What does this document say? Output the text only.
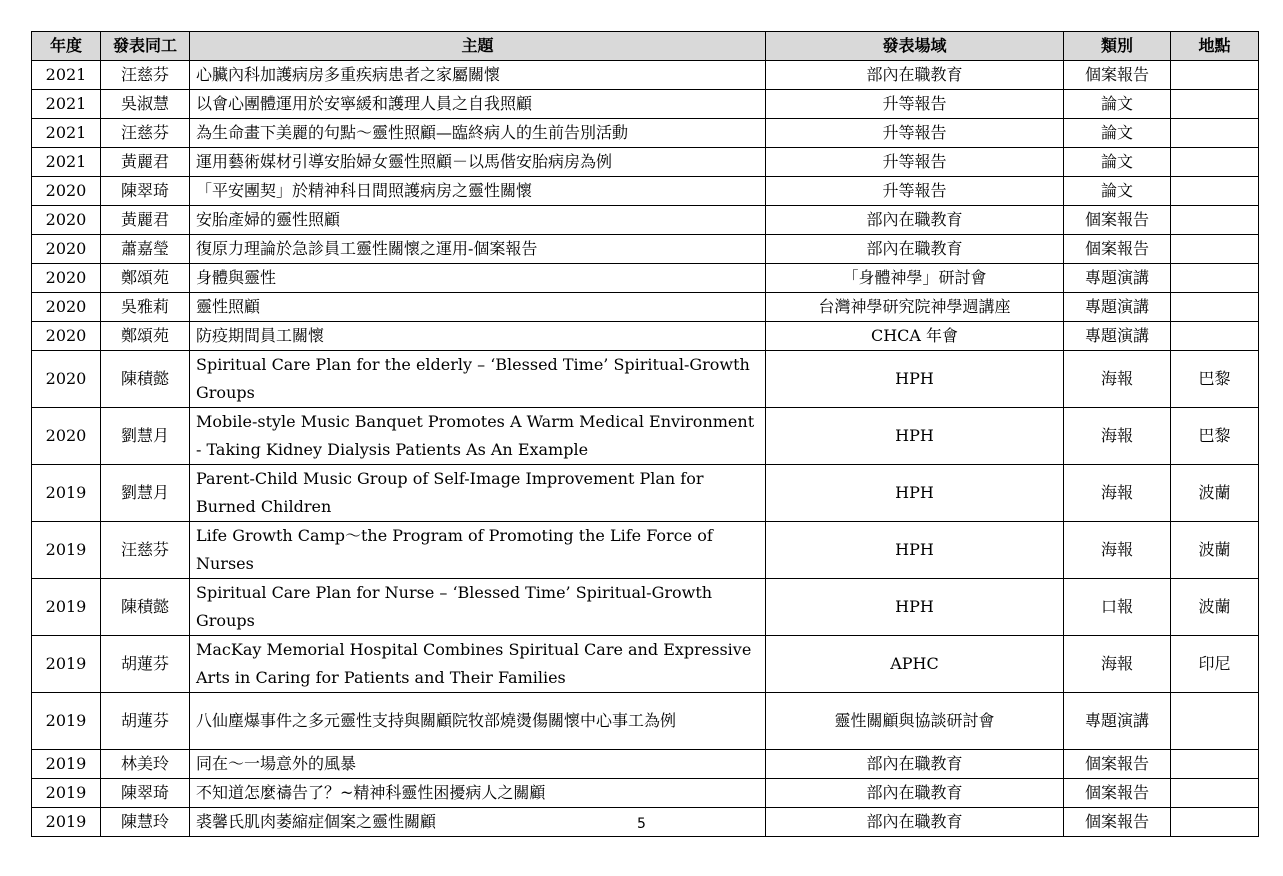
年度	發表同工	主題	發表場域	類別	地點
2021	汪慈芬	心臟內科加護病房多重疾病患者之家屬關懷	部內在職教育	個案報告	
2021	吳淑慧	以會心團體運用於安寧緩和護理人員之自我照顧	升等報告	論文	
2021	汪慈芬	為生命畫下美麗的句點～靈性照顧—臨終病人的生前告別活動	升等報告	論文	
2021	黃麗君	運用藝術媒材引導安胎婦女靈性照顧－以馬偕安胎病房為例	升等報告	論文	
2020	陳翠琦	「平安團契」於精神科日間照護病房之靈性關懷	升等報告	論文	
2020	黃麗君	安胎產婦的靈性照顧	部內在職教育	個案報告	
2020	蕭嘉瑩	復原力理論於急診員工靈性關懷之運用-個案報告	部內在職教育	個案報告	
2020	鄭頌苑	身體與靈性	「身體神學」研討會	專題演講	
2020	吳雅莉	靈性照顧	台灣神學研究院神學週講座	專題演講	
2020	鄭頌苑	防疫期間員工關懷	CHCA 年會	專題演講	
2020	陳積懿	Spiritual Care Plan for the elderly – ‘Blessed Time’ Spiritual-Growth Groups	HPH	海報	巴黎
2020	劉慧月	Mobile-style Music Banquet Promotes A Warm Medical Environment - Taking Kidney Dialysis Patients As An Example	HPH	海報	巴黎
2019	劉慧月	Parent-Child Music Group of Self-Image Improvement Plan for Burned Children	HPH	海報	波蘭
2019	汪慈芬	Life Growth Camp～the Program of Promoting the Life Force of Nurses	HPH	海報	波蘭
2019	陳積懿	Spiritual Care Plan for Nurse – ‘Blessed Time’ Spiritual-Growth Groups	HPH	口報	波蘭
2019	胡蓮芬	MacKay Memorial Hospital Combines Spiritual Care and Expressive Arts in Caring for Patients and Their Families	APHC	海報	印尼
2019	胡蓮芬	八仙塵爆事件之多元靈性支持與關顧院牧部燒燙傷關懷中心事工為例	靈性關顧與協談研討會	專題演講	
2019	林美玲	同在～一場意外的風暴	部內在職教育	個案報告	
2019	陳翠琦	不知道怎麼禱告了？~精神科靈性困擾病人之關顧	部內在職教育	個案報告	
2019	陳慧玲	裘馨氏肌肉萎縮症個案之靈性關顧	部內在職教育	個案報告	
5
